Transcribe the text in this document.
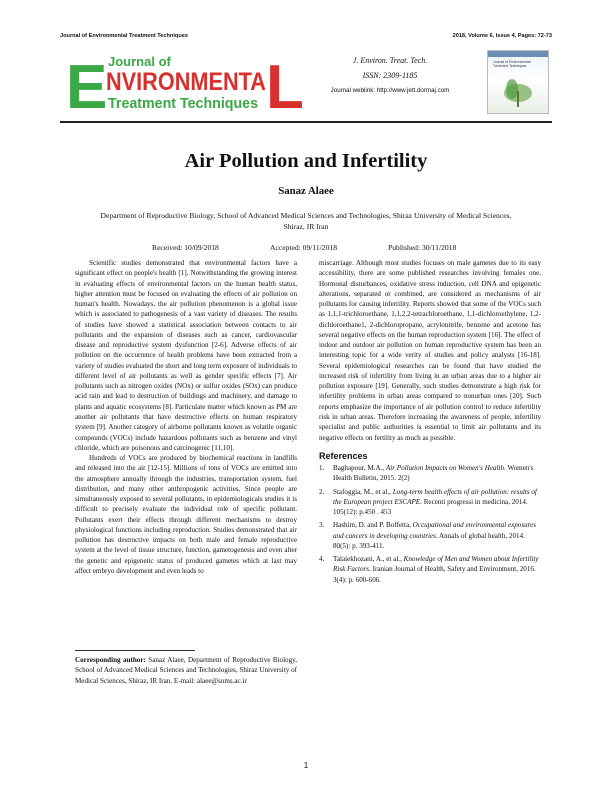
Journal of Environmental Treatment Techniques	2018, Volume 6, Issue 4, Pages: 72-73
E Journal of
NVIRONMENTA
Treatment Techniques L	J. Environ. Treat. Tech.
ISSN: 2309-1185
Journal weblink: http://www.jett.dormaj.com
Journal of Environmental Treatment Techniques
Air Pollution and Infertility
Sanaz Alaee
Department of Reproductive Biology, School of Advanced Medical Sciences and Technologies, Shiraz University of Medical Sciences, Shiraz, IR Iran
Received: 10/09/2018	Accepted: 09/11/2018	Published: 30/11/2018

Scientific studies demonstrated that environmental factors have a significant effect on people's health [1]. Notwithstanding the growing interest in evaluating effects of environmental factors on the human health status, higher attention must be focused on evaluating the effects of air pollution on human's health. Nowadays, the air pollution phenomenon is a global issue which is associated to pathogenesis of a vast variety of diseases. The results of studies have showed a statistical association between contacts to air pollutants and the expansion of diseases such as cancer, cardiovascular disease and reproductive system dysfunction [2-6]. Adverse effects of air pollution on the occurrence of health problems have been extracted from a variety of studies evaluated the short and long term exposure of individuals to different level of air pollutants as well as gender specific effects [7]. Air pollutants such as nitrogen oxides (NOx) or sulfur oxides (SOx) can produce acid rain and lead to destruction of buildings and machinery, and damage to plants and aquatic ecosystems [8]. Particulate matter which known as PM are another air pollutants that have destructive effects on human respiratory system [9]. Another category of airborne pollutants known as volatile organic compounds (VOCs) include hazardous pollutants such as benzene and vinyl chloride, which are poisonous and carcinogenic [11,10].

Hundreds of VOCs are produced by biochemical reactions in landfills and released into the air [12-15]. Millions of tons of VOCs are emitted into the atmosphere annually through the industries, transportation system, fuel distribution, and many other anthropogenic activities. Since people are simultaneously exposed to several pollutants, in epidemiologicals studies it is difficult to precisely evaluate the individual role of specific pollutant. Pollutants exert their effects through different mechanisms to destroy physiological functions including reproduction. Studies demonstrated that air pollution has destructive impacts on both male and female reproductive system at the level of tissue structure, function, gametogenesis and even alter the genetic and epigenetic status of produced gametes which at last may affect embryo development and even leads to

miscarriage. Although most studies focuses on male gametes due to its easy accessibility, there are some published researches involving females one. Hormonal disturbances, oxidative stress induction, cell DNA and epigenetic alterations, separated or combined, are considered as mechanisms of air pollutants for causing infertility. Reports showed that some of the VOCs such as 1,1,1-trichloroethane, 1,1,2,2-tetrachloroethane, 1,1-dichloroethylene, 1,2-dichloroethane1, 2-dichloropropane, acrylonitrile, benzene and acetone has several negative effects on the human reproduction system [16]. The effect of indoor and outdoor air pollution on human reproductive system has been an interesting topic for a wide verity of studies and policy analysts [16-18]. Several epidemiological researches can be found that have studied the increased risk of infertility from living in an urban areas due to a higher air pollution exposure [19]. Generally, such studies demonstrate a high risk for infertility problems in urban areas compared to nonurban ones [20]. Such reports emphasize the importance of air pollution control to reduce infertility risk in urban areas. Therefore increasing the awareness of people, infertility specialist and public authorities is essential to limit air pollutants and its negative effects on fertility as much as possible.

References
1. Baghapour, M.A., Air Pollution Impacts on Women's Health. Women's Health Bulletin, 2015. 2(2)
2. Stafoggia, M., et al., Long-term health effects of air pollution: results of the European project ESCAPE. Recenti progressi in medicina, 2014. 105(12): p.450 . 453
3. Hashim, D. and P. Boffetta, Occupational and environmental exposures and cancers in developing countries. Annals of global health, 2014. 80(5): p. 393-411.
4. Talaiekhozani, A., et al., Knowledge of Men and Women about Infertility Risk Factors. Iranian Journal of Health, Safety and Environment, 2016. 3(4): p. 600-606.
Corresponding author: Sanaz Alaee, Department of Reproductive Biology, School of Advanced Medical Sciences and Technologies, Shiraz University of Medical Sciences, Shiraz, IR Iran. E-mail: alaee@sums.ac.ir
1
